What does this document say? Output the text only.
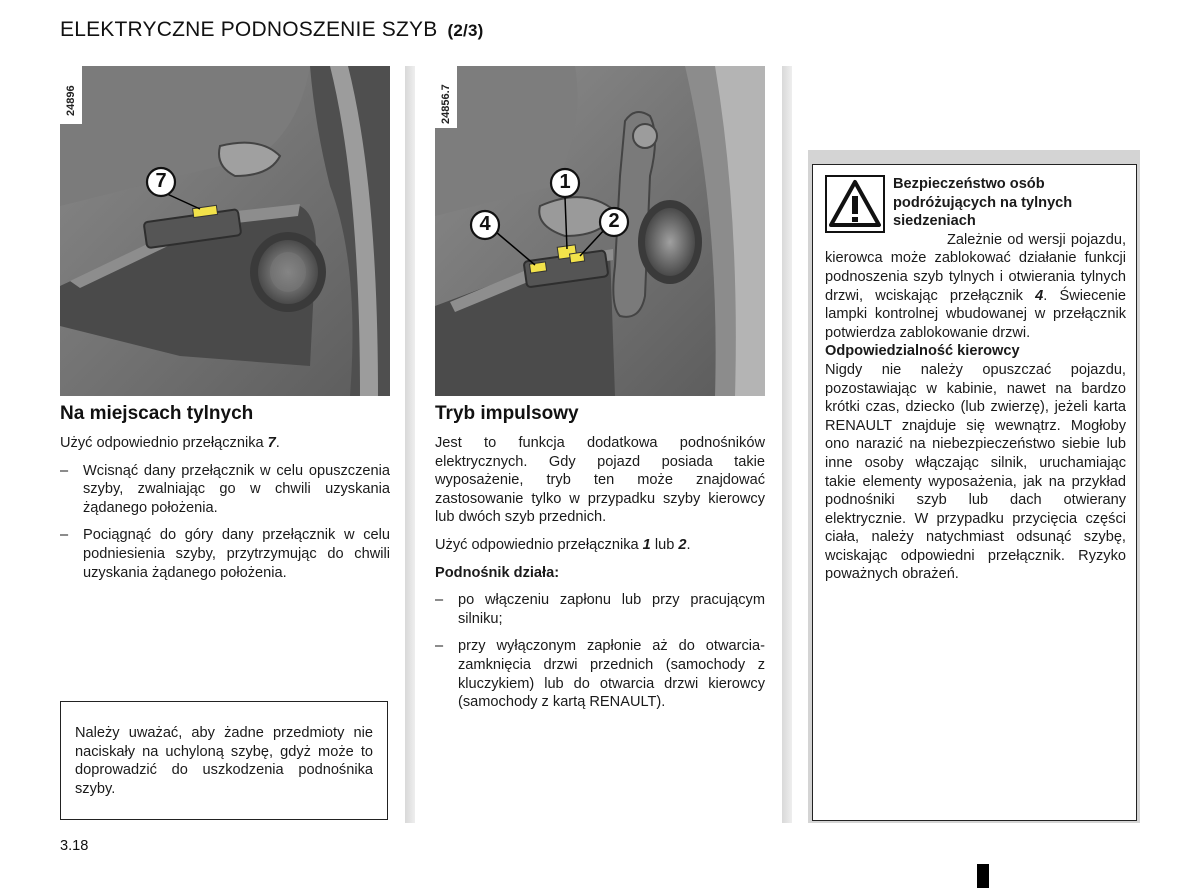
ELEKTRYCZNE PODNOSZENIE SZYB (2/3)
7
24896
1
2
4
24856.7
Na miejscach tylnych

Użyć odpowiednio przełącznika 7.

– Wcisnąć dany przełącznik w celu opuszczenia szyby, zwalniając go w chwili uzyskania żądanego położenia.
– Pociągnąć do góry dany przełącznik w celu podniesienia szyby, przytrzymując do chwili uzyskania żądanego położenia.
Należy uważać, aby żadne przedmioty nie naciskały na uchyloną szybę, gdyż może to doprowadzić do uszkodzenia podnośnika szyby.
Tryb impulsowy

Jest to funkcja dodatkowa podnośników elektrycznych. Gdy pojazd posiada takie wyposażenie, tryb ten może znajdować zastosowanie tylko w przypadku szyby kierowcy lub dwóch szyb przednich.

Użyć odpowiednio przełącznika 1 lub 2.

Podnośnik działa:

– po włączeniu zapłonu lub przy pracującym silniku;
– przy wyłączonym zapłonie aż do otwarcia-zamknięcia drzwi przednich (samochody z kluczykiem) lub do otwarcia drzwi kierowcy (samochody z kartą RENAULT).
Bezpieczeństwo osób podróżujących na tylnych siedzeniach
Zależnie od wersji pojazdu, kierowca może zablokować działanie funkcji podnoszenia szyb tylnych i otwierania tylnych drzwi, wciskając przełącznik 4. Świecenie lampki kontrolnej wbudowanej w przełącznik potwierdza zablokowanie drzwi.
Odpowiedzialność kierowcy
Nigdy nie należy opuszczać pojazdu, pozostawiając w kabinie, nawet na bardzo krótki czas, dziecko (lub zwierzę), jeżeli karta RENAULT znajduje się wewnątrz. Mogłoby ono narazić na niebezpieczeństwo siebie lub inne osoby włączając silnik, uruchamiając takie elementy wyposażenia, jak na przykład podnośniki szyb lub dach otwierany elektrycznie. W przypadku przycięcia części ciała, należy natychmiast odsunąć szybę, wciskając odpowiedni przełącznik. Ryzyko poważnych obrażeń.
3.18
